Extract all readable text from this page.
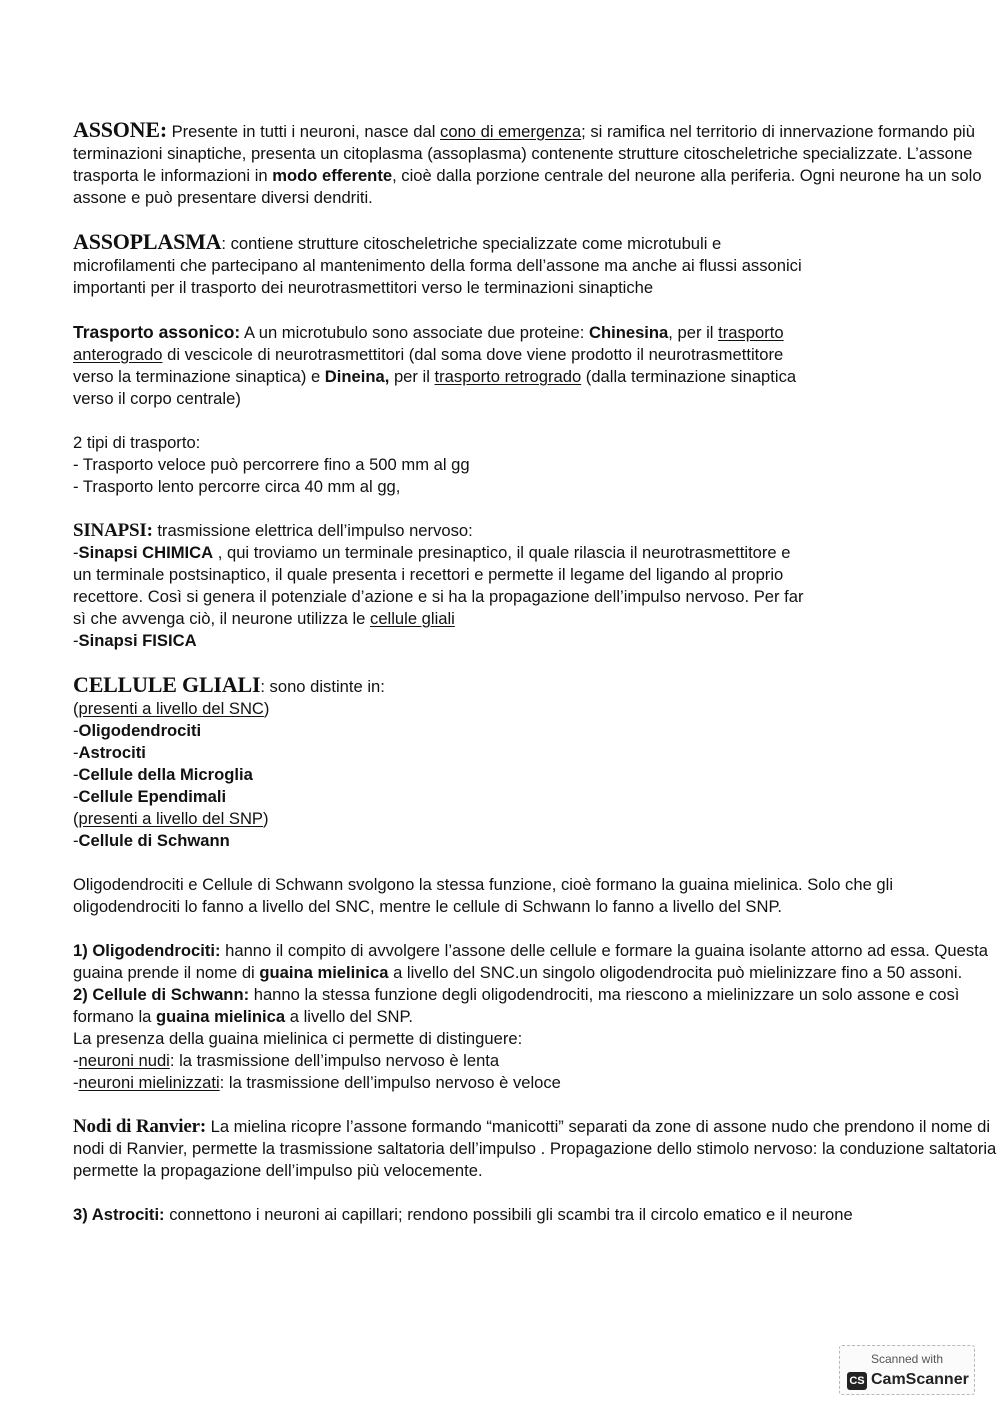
ASSONE: Presente in tutti i neuroni, nasce dal cono di emergenza; si ramifica nel territorio di innervazione formando più terminazioni sinaptiche, presenta un citoplasma (assoplasma) contenente strutture citoscheletriche specializzate. L’assone trasporta le informazioni in modo efferente, cioè dalla porzione centrale del neurone alla periferia. Ogni neurone ha un solo assone e può presentare diversi dendriti.

ASSOPLASMA: contiene strutture citoscheletriche specializzate come microtubuli e
microfilamenti che partecipano al mantenimento della forma dell’assone ma anche ai flussi assonici
importanti per il trasporto dei neurotrasmettitori verso le terminazioni sinaptiche

Trasporto assonico: A un microtubulo sono associate due proteine: Chinesina, per il trasporto
anterogrado di vescicole di neurotrasmettitori (dal soma dove viene prodotto il neurotrasmettitore
verso la terminazione sinaptica) e Dineina, per il trasporto retrogrado (dalla terminazione sinaptica
verso il corpo centrale)

2 tipi di trasporto:

- Trasporto veloce può percorrere fino a 500 mm al gg

- Trasporto lento percorre circa 40 mm al gg,

SINAPSI: trasmissione elettrica dell’impulso nervoso:
-Sinapsi CHIMICA , qui troviamo un terminale presinaptico, il quale rilascia il neurotrasmettitore e
un terminale postsinaptico, il quale presenta i recettori e permette il legame del ligando al proprio
recettore. Così si genera il potenziale d’azione e si ha la propagazione dell’impulso nervoso. Per far
sì che avvenga ciò, il neurone utilizza le cellule gliali
-Sinapsi FISICA

CELLULE GLIALI: sono distinte in:

(presenti a livello del SNC)

-Oligodendrociti

-Astrociti

-Cellule della Microglia

-Cellule Ependimali

(presenti a livello del SNP)

-Cellule di Schwann

Oligodendrociti e Cellule di Schwann svolgono la stessa funzione, cioè formano la guaina mielinica. Solo che gli oligodendrociti lo fanno a livello del SNC, mentre le cellule di Schwann lo fanno a livello del SNP.

1) Oligodendrociti: hanno il compito di avvolgere l’assone delle cellule e formare la guaina isolante attorno ad essa. Questa guaina prende il nome di guaina mielinica a livello del SNC.un singolo oligodendrocita può mielinizzare fino a 50 assoni.

2) Cellule di Schwann: hanno la stessa funzione degli oligodendrociti, ma riescono a mielinizzare un solo assone e così formano la guaina mielinica a livello del SNP.

La presenza della guaina mielinica ci permette di distinguere:

-neuroni nudi: la trasmissione dell’impulso nervoso è lenta

-neuroni mielinizzati: la trasmissione dell’impulso nervoso è veloce

Nodi di Ranvier: La mielina ricopre l’assone formando “manicotti” separati da zone di assone nudo che prendono il nome di nodi di Ranvier, permette la trasmissione saltatoria dell’impulso . Propagazione dello stimolo nervoso: la conduzione saltatoria permette la propagazione dell’impulso più velocemente.

3) Astrociti: connettono i neuroni ai capillari; rendono possibili gli scambi tra il circolo ematico e il neurone

Scanned with
CS CamScanner
